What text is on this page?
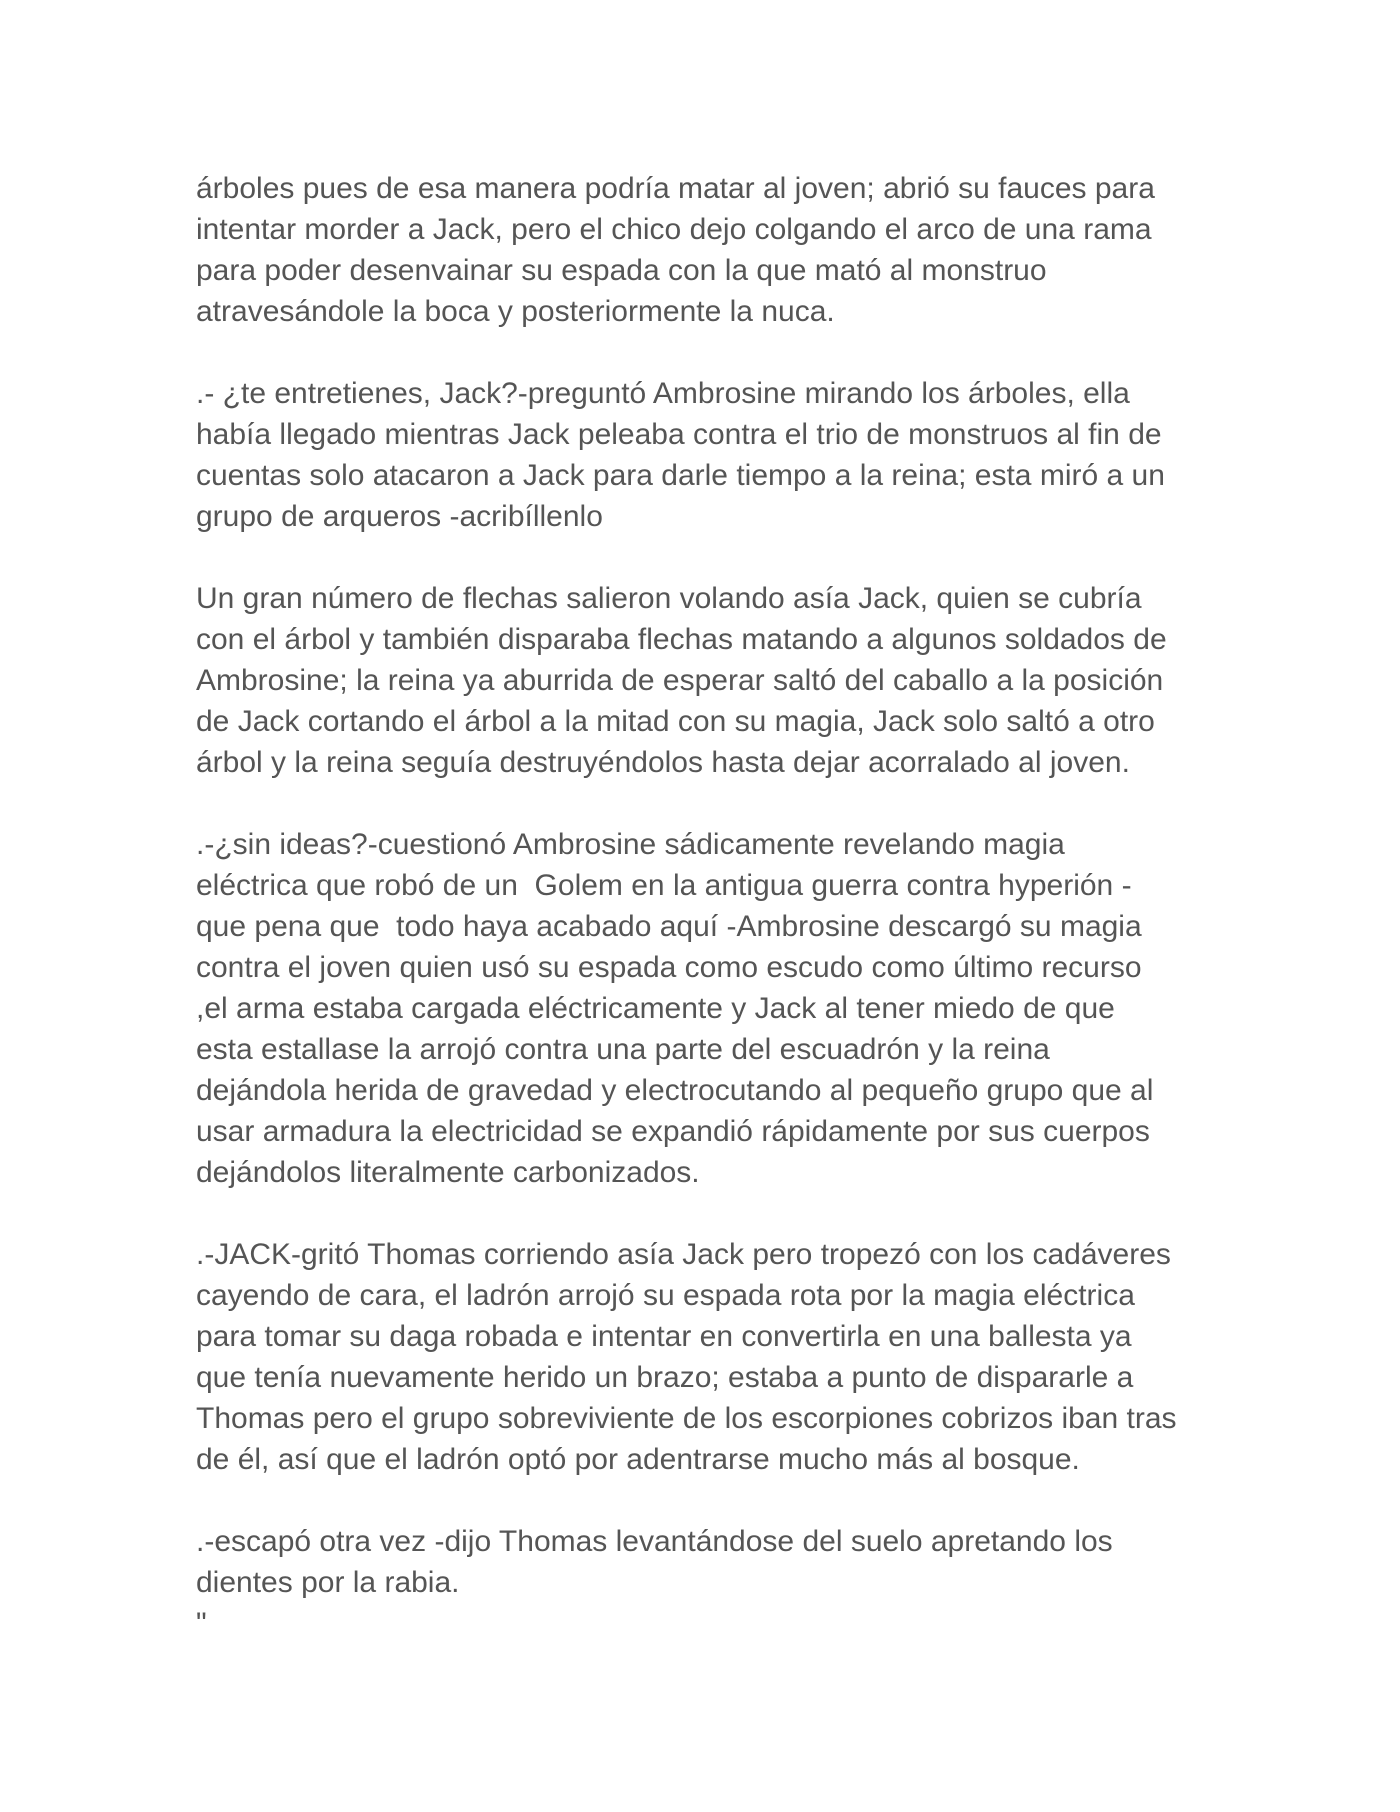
árboles pues de esa manera podría matar al joven; abrió su fauces para
intentar morder a Jack, pero el chico dejo colgando el arco de una rama
para poder desenvainar su espada con la que mató al monstruo
atravesándole la boca y posteriormente la nuca.

.- ¿te entretienes, Jack?-preguntó Ambrosine mirando los árboles, ella
había llegado mientras Jack peleaba contra el trio de monstruos al fin de
cuentas solo atacaron a Jack para darle tiempo a la reina; esta miró a un
grupo de arqueros -acribíllenlo

Un gran número de flechas salieron volando asía Jack, quien se cubría
con el árbol y también disparaba flechas matando a algunos soldados de
Ambrosine; la reina ya aburrida de esperar saltó del caballo a la posición
de Jack cortando el árbol a la mitad con su magia, Jack solo saltó a otro
árbol y la reina seguía destruyéndolos hasta dejar acorralado al joven.

.-¿sin ideas?-cuestionó Ambrosine sádicamente revelando magia
eléctrica que robó de un  Golem en la antigua guerra contra hyperión -
que pena que  todo haya acabado aquí -Ambrosine descargó su magia
contra el joven quien usó su espada como escudo como último recurso
,el arma estaba cargada eléctricamente y Jack al tener miedo de que
esta estallase la arrojó contra una parte del escuadrón y la reina
dejándola herida de gravedad y electrocutando al pequeño grupo que al
usar armadura la electricidad se expandió rápidamente por sus cuerpos
dejándolos literalmente carbonizados.

.-JACK-gritó Thomas corriendo asía Jack pero tropezó con los cadáveres
cayendo de cara, el ladrón arrojó su espada rota por la magia eléctrica
para tomar su daga robada e intentar en convertirla en una ballesta ya
que tenía nuevamente herido un brazo; estaba a punto de dispararle a
Thomas pero el grupo sobreviviente de los escorpiones cobrizos iban tras
de él, así que el ladrón optó por adentrarse mucho más al bosque.

.-escapó otra vez -dijo Thomas levantándose del suelo apretando los
dientes por la rabia.

"
